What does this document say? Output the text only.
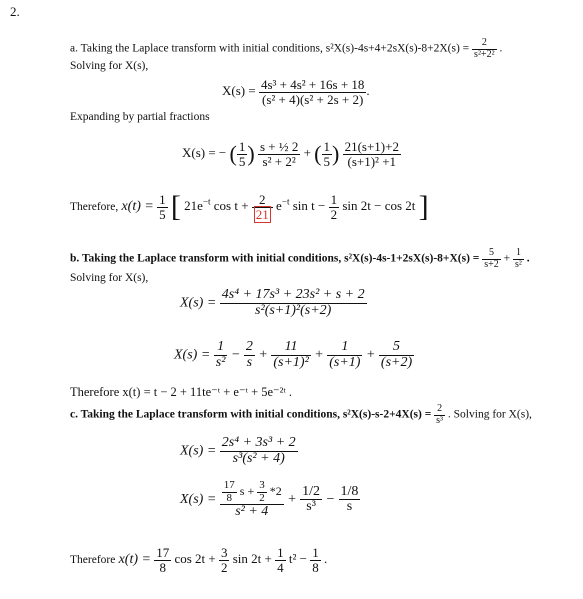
2.
a. Taking the Laplace transform with initial conditions, $s^2X(s)-4s+4+2sX(s)-8+2X(s) = \frac{2}{\text{s²+2²}}$ .
Solving for X(s),
$X(s) = \frac{\text{4s³ + 4s² + 16s + 18}}{\text{(s² + 4)(s² + 2s + 2)}}$ .
Expanding by partial fractions
X(s) = − ( $\frac{1}{5}$ ) $\frac{\text{s + ½ 2}}{\text{s² + 2²}}$ + ( $\frac{1}{5}$ ) $\frac{21(s+1)+2}{\text{(s+1)² +1}}$
Therefore, $x(t) = \frac{1}{5}$ [ $21e^{-t}$ $\cos t + \frac{2}{21} e^{-t}$ $\sin t - \frac{1}{2}$ sin 2t − cos 2t ]
b. Taking the Laplace transform with initial conditions, $s^2X(s)-4s-1+2sX(s)-8+X(s) = \frac{5}{s+2} + \frac{1}{\text{s²}}$ .
Solving for X(s),
$X(s) = \frac{\text{4s⁴ + 17s³ + 23s² + s + 2}}{\text{s²(s+1)²(s+2)}}$
$X(s) = \frac{1}{\text{s²}} - \frac{2}{s} + \frac{11}{\text{(s+1)²}} + \frac{1}{(s+1)} + \frac{5}{(s+2)}$
Therefore x(t) = t − 2 + 11te⁻ᵗ + e⁻ᵗ + 5e⁻²ᵗ .
c. Taking the Laplace transform with initial conditions, $s^2X(s)-s-2+4X(s) = \frac{2}{\text{s³}}$ . Solving for X(s),
$X(s) = \frac{\text{2s⁴ + 3s³ + 2}}{\text{s³(s² + 4)}}$
$X(s) = \frac{\frac{17}{8} s + \frac{3}{2} *2}{\text{s² + 4}} + \frac{1/2}{\text{s³}} - \frac{1/8}{s}$
Therefore $x(t) = \frac{17}{8}$ $\cos 2t + \frac{3}{2}$ $\sin 2t + \frac{1}{4} t^2 - \frac{1}{8}$ .
